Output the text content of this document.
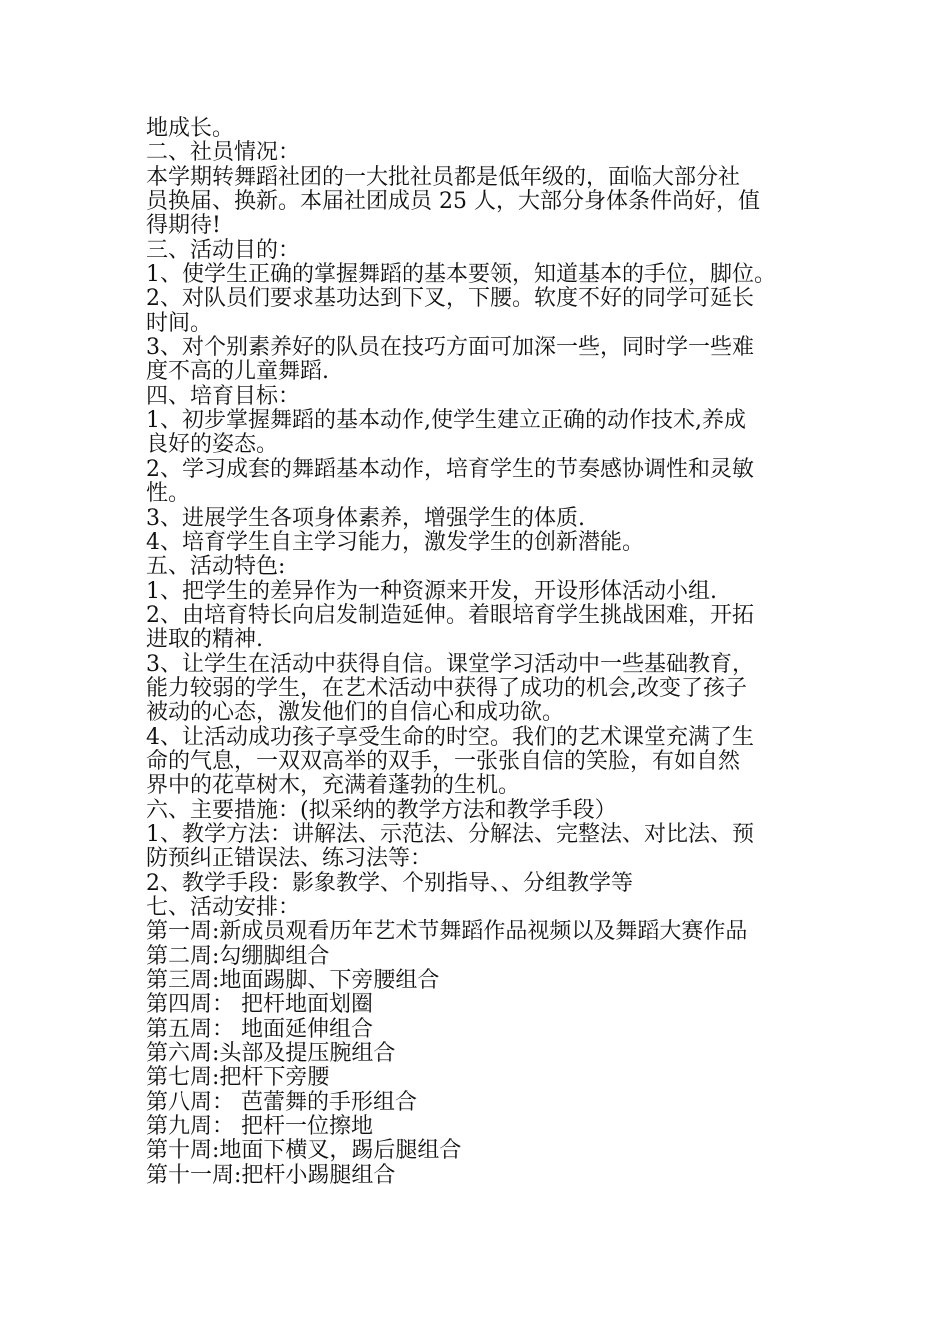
地成长。
二、社员情况：
本学期转舞蹈社团的一大批社员都是低年级的，面临大部分社
员换届、换新。本届社团成员 25 人，大部分身体条件尚好，值
得期待!
三、活动目的：
1、使学生正确的掌握舞蹈的基本要领，知道基本的手位，脚位。
2、对队员们要求基功达到下叉，下腰。软度不好的同学可延长
时间。
3、对个别素养好的队员在技巧方面可加深一些，同时学一些难
度不高的儿童舞蹈.
四、培育目标：
1、初步掌握舞蹈的基本动作,使学生建立正确的动作技术,养成
良好的姿态。
2、学习成套的舞蹈基本动作，培育学生的节奏感协调性和灵敏
性。
3、进展学生各项身体素养，增强学生的体质.
4、培育学生自主学习能力，激发学生的创新潜能。
五、活动特色:
1、把学生的差异作为一种资源来开发，开设形体活动小组.
2、由培育特长向启发制造延伸。着眼培育学生挑战困难，开拓
进取的精神.
3、让学生在活动中获得自信。课堂学习活动中一些基础教育，
能力较弱的学生，在艺术活动中获得了成功的机会,改变了孩子
被动的心态，激发他们的自信心和成功欲。
4、让活动成功孩子享受生命的时空。我们的艺术课堂充满了生
命的气息，一双双高举的双手，一张张自信的笑脸，有如自然
界中的花草树木，充满着蓬勃的生机。
六、主要措施：(拟采纳的教学方法和教学手段）
1、教学方法：讲解法、示范法、分解法、完整法、对比法、预
防预纠正错误法、练习法等：
2、教学手段：影象教学、个别指导、、分组教学等
七、活动安排：
第一周:新成员观看历年艺术节舞蹈作品视频以及舞蹈大赛作品
第二周:勾绷脚组合
第三周:地面踢脚、下旁腰组合
第四周： 把杆地面划圈
第五周： 地面延伸组合
第六周:头部及提压腕组合
第七周:把杆下旁腰
第八周： 芭蕾舞的手形组合
第九周： 把杆一位擦地
第十周:地面下横叉，踢后腿组合
第十一周:把杆小踢腿组合
